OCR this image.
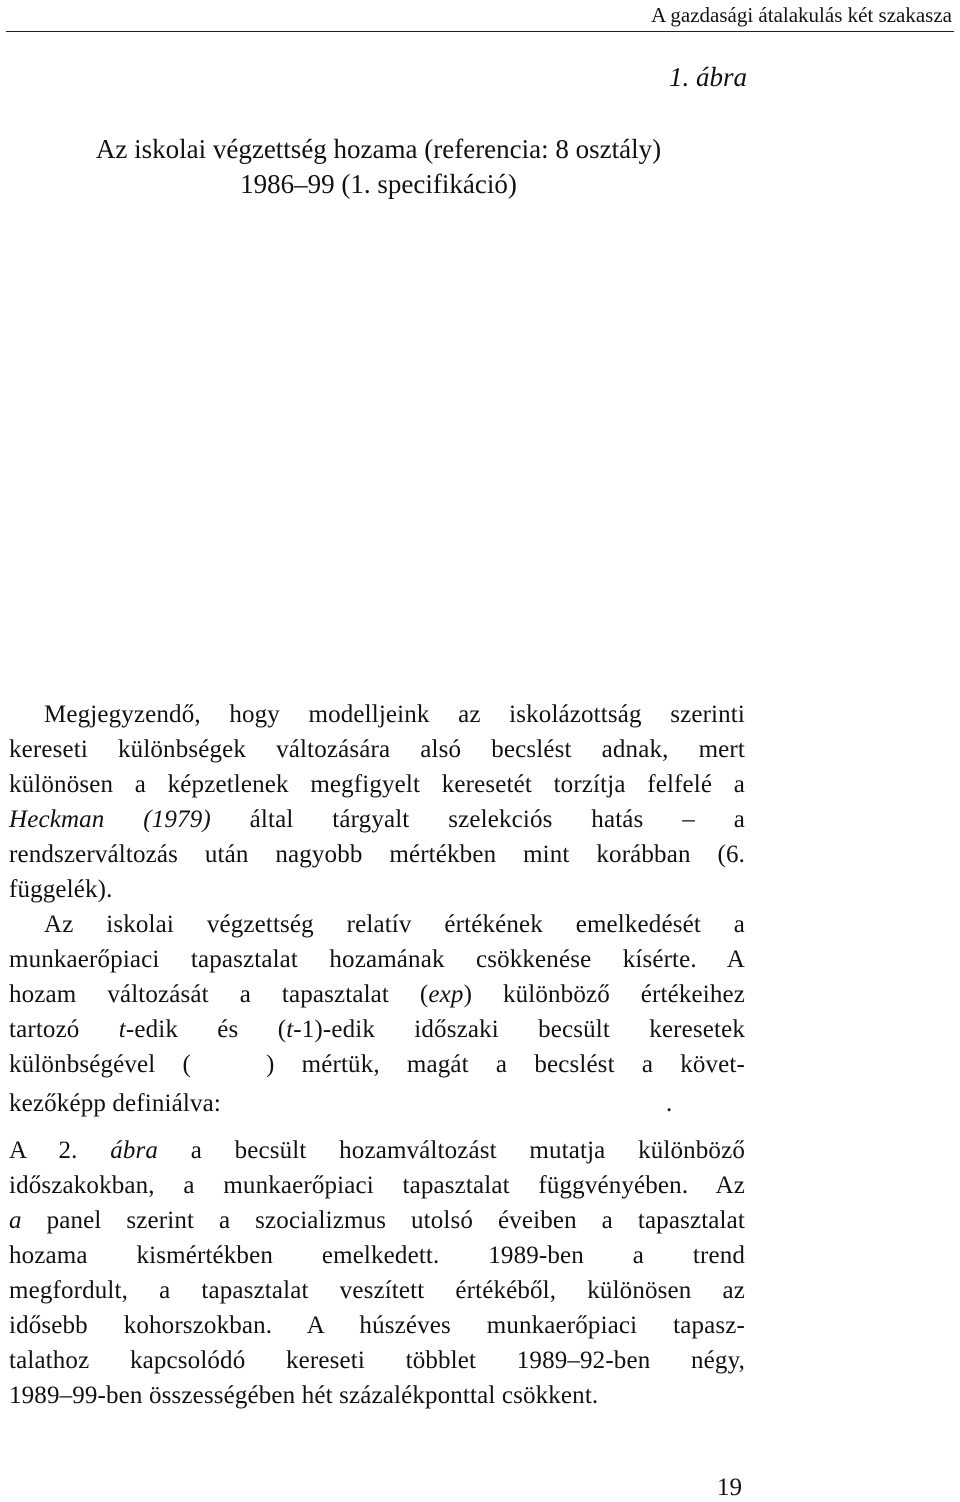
A gazdasági átalakulás két szakasza
1. ábra
Az iskolai végzettség hozama (referencia: 8 osztály)
1986–99 (1. specifikáció)
Megjegyzendő, hogy modelljeink az iskolázottság szerinti
kereseti különbségek változására alsó becslést adnak, mert
különösen a képzetlenek megfigyelt keresetét torzítja felfelé a
Heckman (1979) által tárgyalt szelekciós hatás – a
rendszerváltozás után nagyobb mértékben mint korábban (6.
függelék).
Az iskolai végzettség relatív értékének emelkedését a
munkaerőpiaci tapasztalat hozamának csökkenése kísérte. A
hozam változását a tapasztalat (exp) különböző értékeihez
tartozó t-edik és (t-1)-edik időszaki becsült keresetek
különbségével (	) mértük, magát a becslést a követ-
kezőképp definiálva:	.
A 2. ábra a becsült hozamváltozást mutatja különböző
időszakokban, a munkaerőpiaci tapasztalat függvényében. Az
a panel szerint a szocializmus utolsó éveiben a tapasztalat
hozama kismértékben emelkedett. 1989-ben a trend
megfordult, a tapasztalat veszített értékéből, különösen az
idősebb kohorszokban. A húszéves munkaerőpiaci tapasz-
talathoz kapcsolódó kereseti többlet 1989–92-ben négy,
1989–99-ben összességében hét százalékponttal csökkent.
19
